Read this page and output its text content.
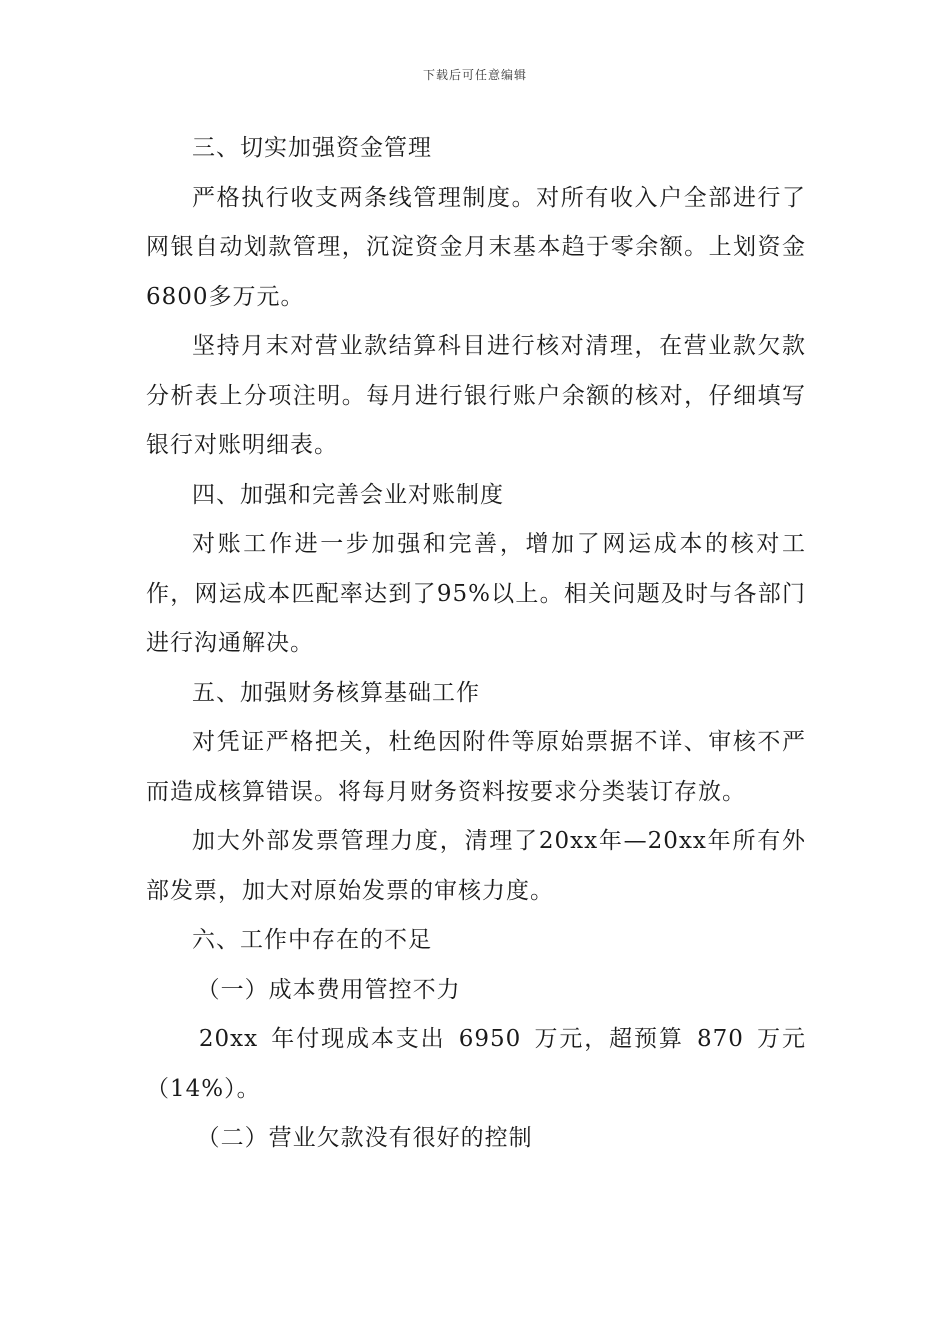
下载后可任意编辑

三、切实加强资金管理

严格执行收支两条线管理制度。对所有收入户全部进行了网银自动划款管理，沉淀资金月末基本趋于零余额。上划资金6800多万元。

坚持月末对营业款结算科目进行核对清理，在营业款欠款分析表上分项注明。每月进行银行账户余额的核对，仔细填写银行对账明细表。

四、加强和完善会业对账制度

对账工作进一步加强和完善，增加了网运成本的核对工作，网运成本匹配率达到了95%以上。相关问题及时与各部门进行沟通解决。

五、加强财务核算基础工作

对凭证严格把关，杜绝因附件等原始票据不详、审核不严而造成核算错误。将每月财务资料按要求分类装订存放。

加大外部发票管理力度，清理了20xx年—20xx年所有外部发票，加大对原始发票的审核力度。

六、工作中存在的不足

（一）成本费用管控不力

20xx 年付现成本支出 6950 万元，超预算 870 万元（14%）。

（二）营业欠款没有很好的控制
